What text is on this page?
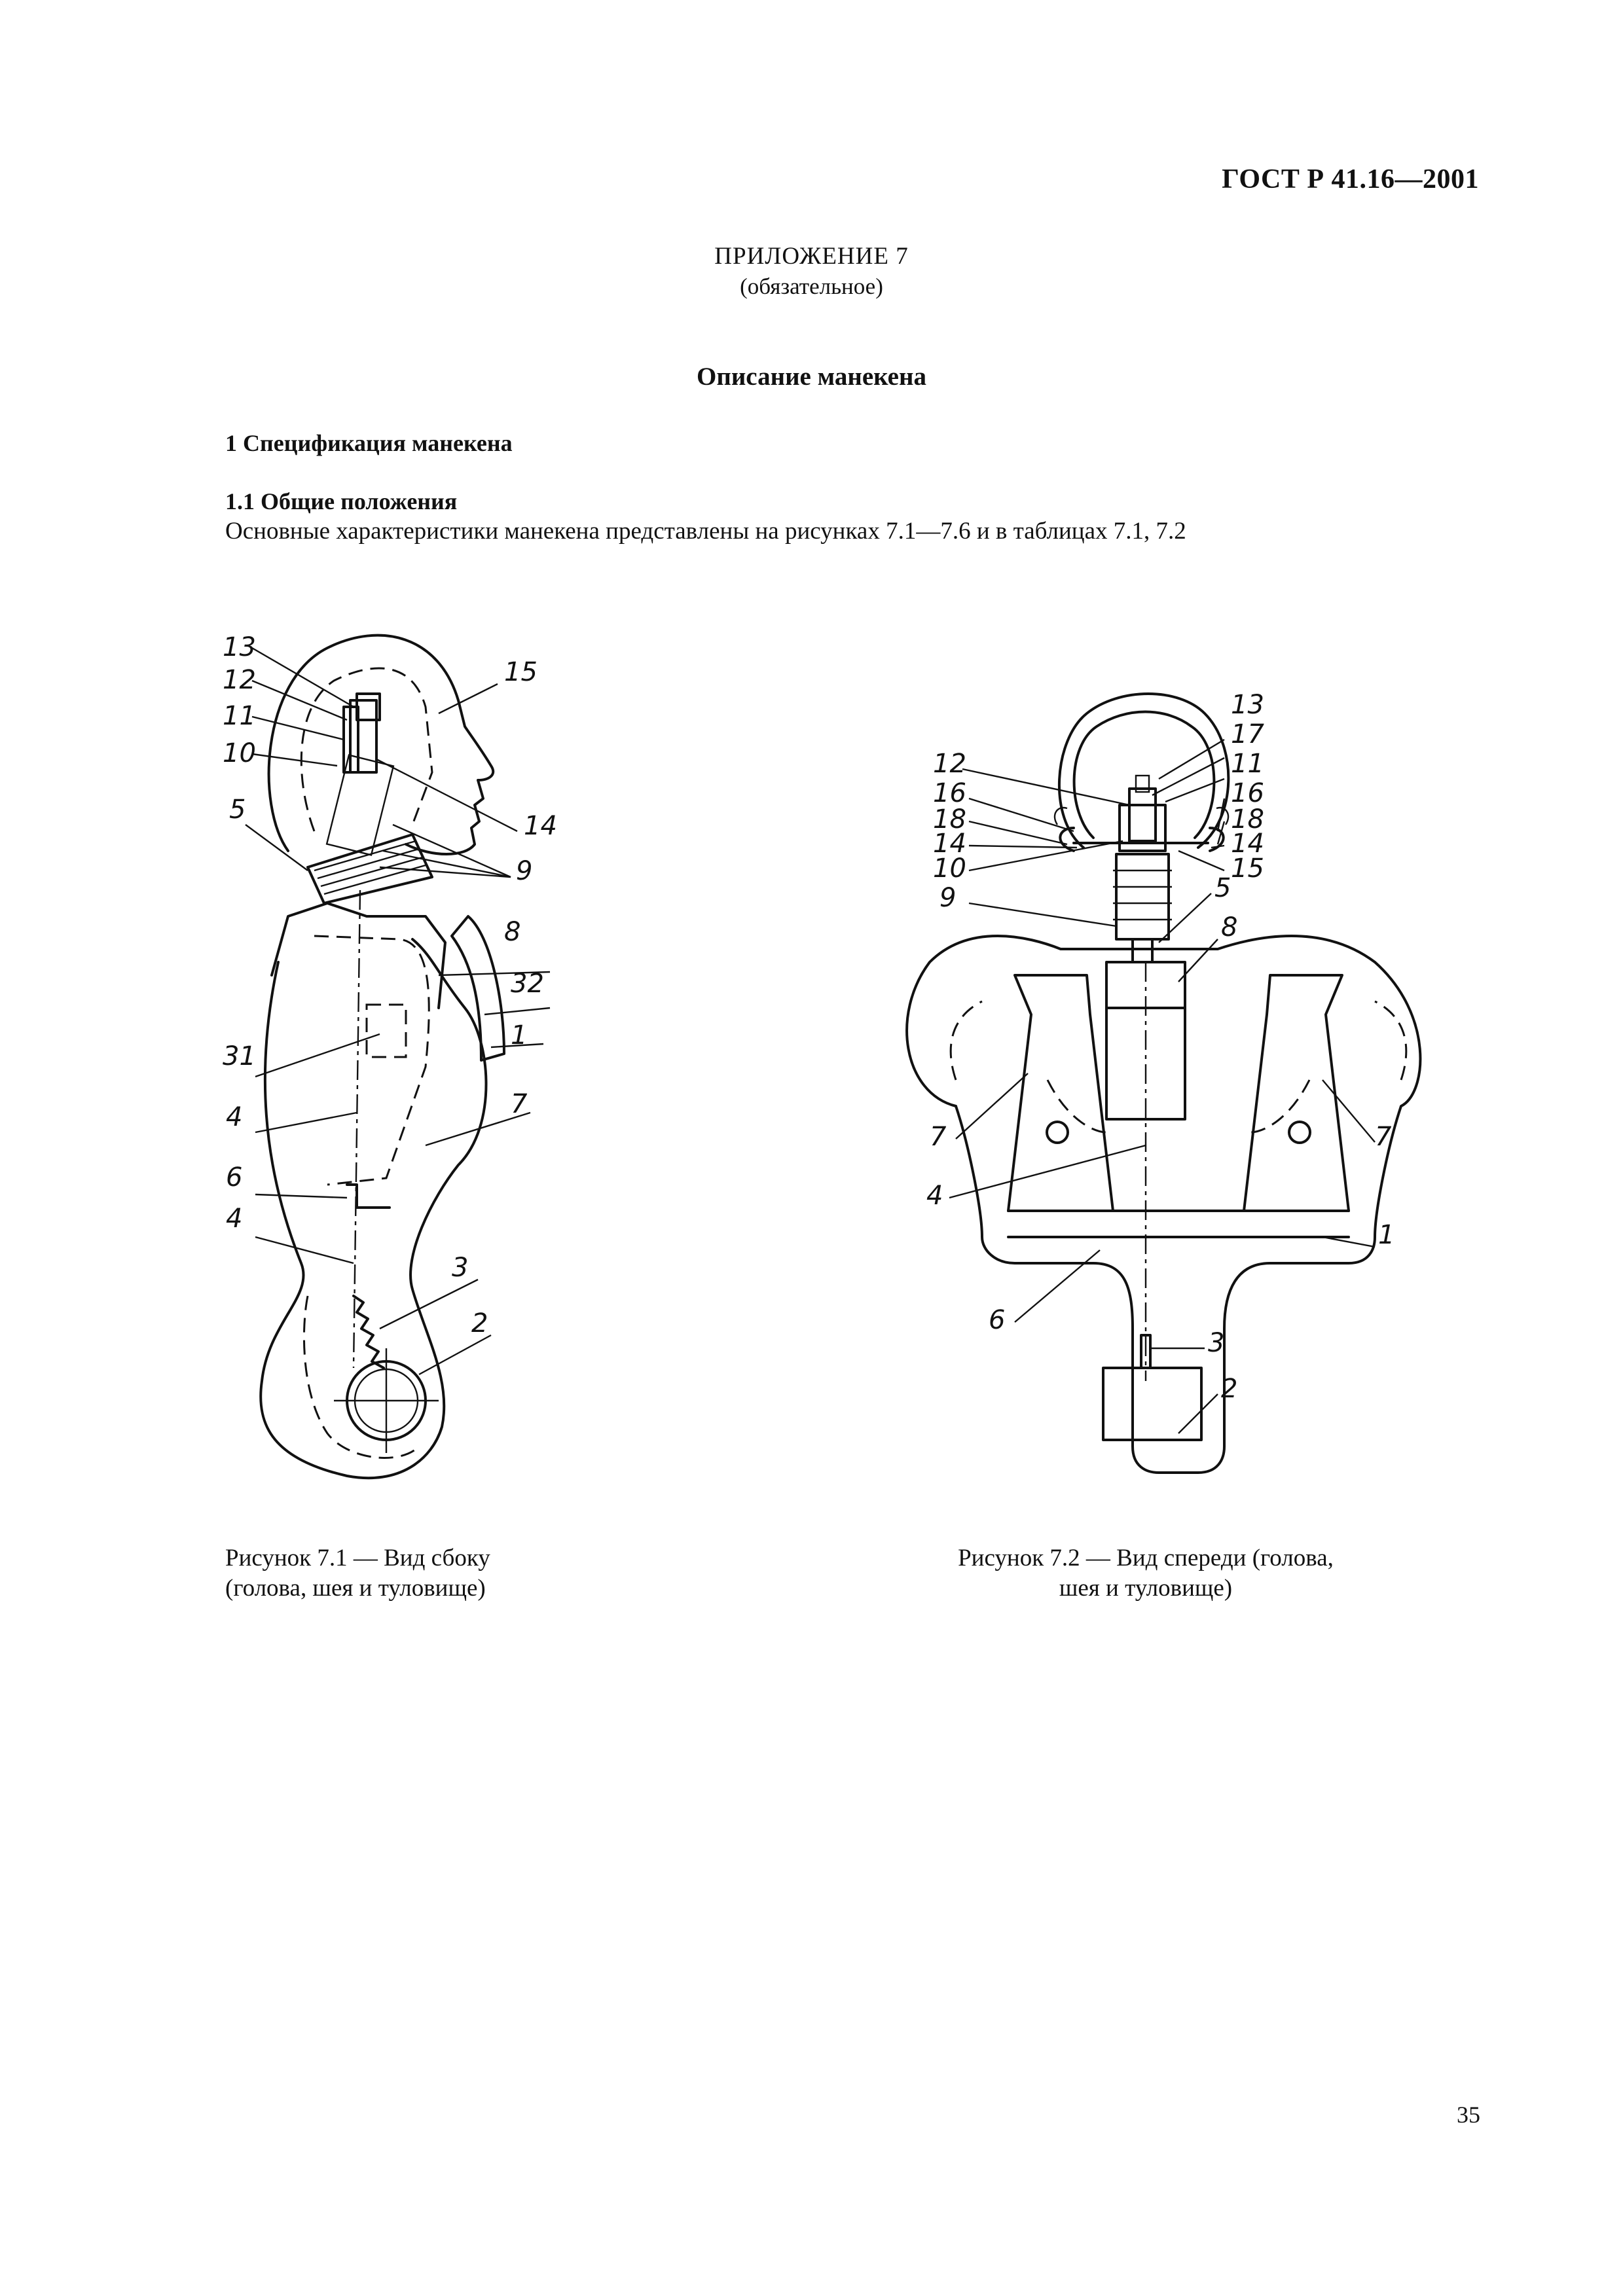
ГОСТ Р 41.16—2001
ПРИЛОЖЕНИЕ 7
(обязательное)
Описание манекена
1 Спецификация манекена
1.1 Общие положения
Основные характеристики манекена представлены на рисунках 7.1—7.6 и в таблицах 7.1, 7.2
13
12
11
10
5
15
14
9
8
32
31
1
7
4
6
4
3
2
13
17
12	11
16	16
18	18
14	14
10	15
9	5
8
7	7
4
1
6
3
2
Рисунок 7.1 — Вид сбоку
(голова, шея и туловище)
Рисунок 7.2 — Вид спереди (голова,
шея и туловище)
35
